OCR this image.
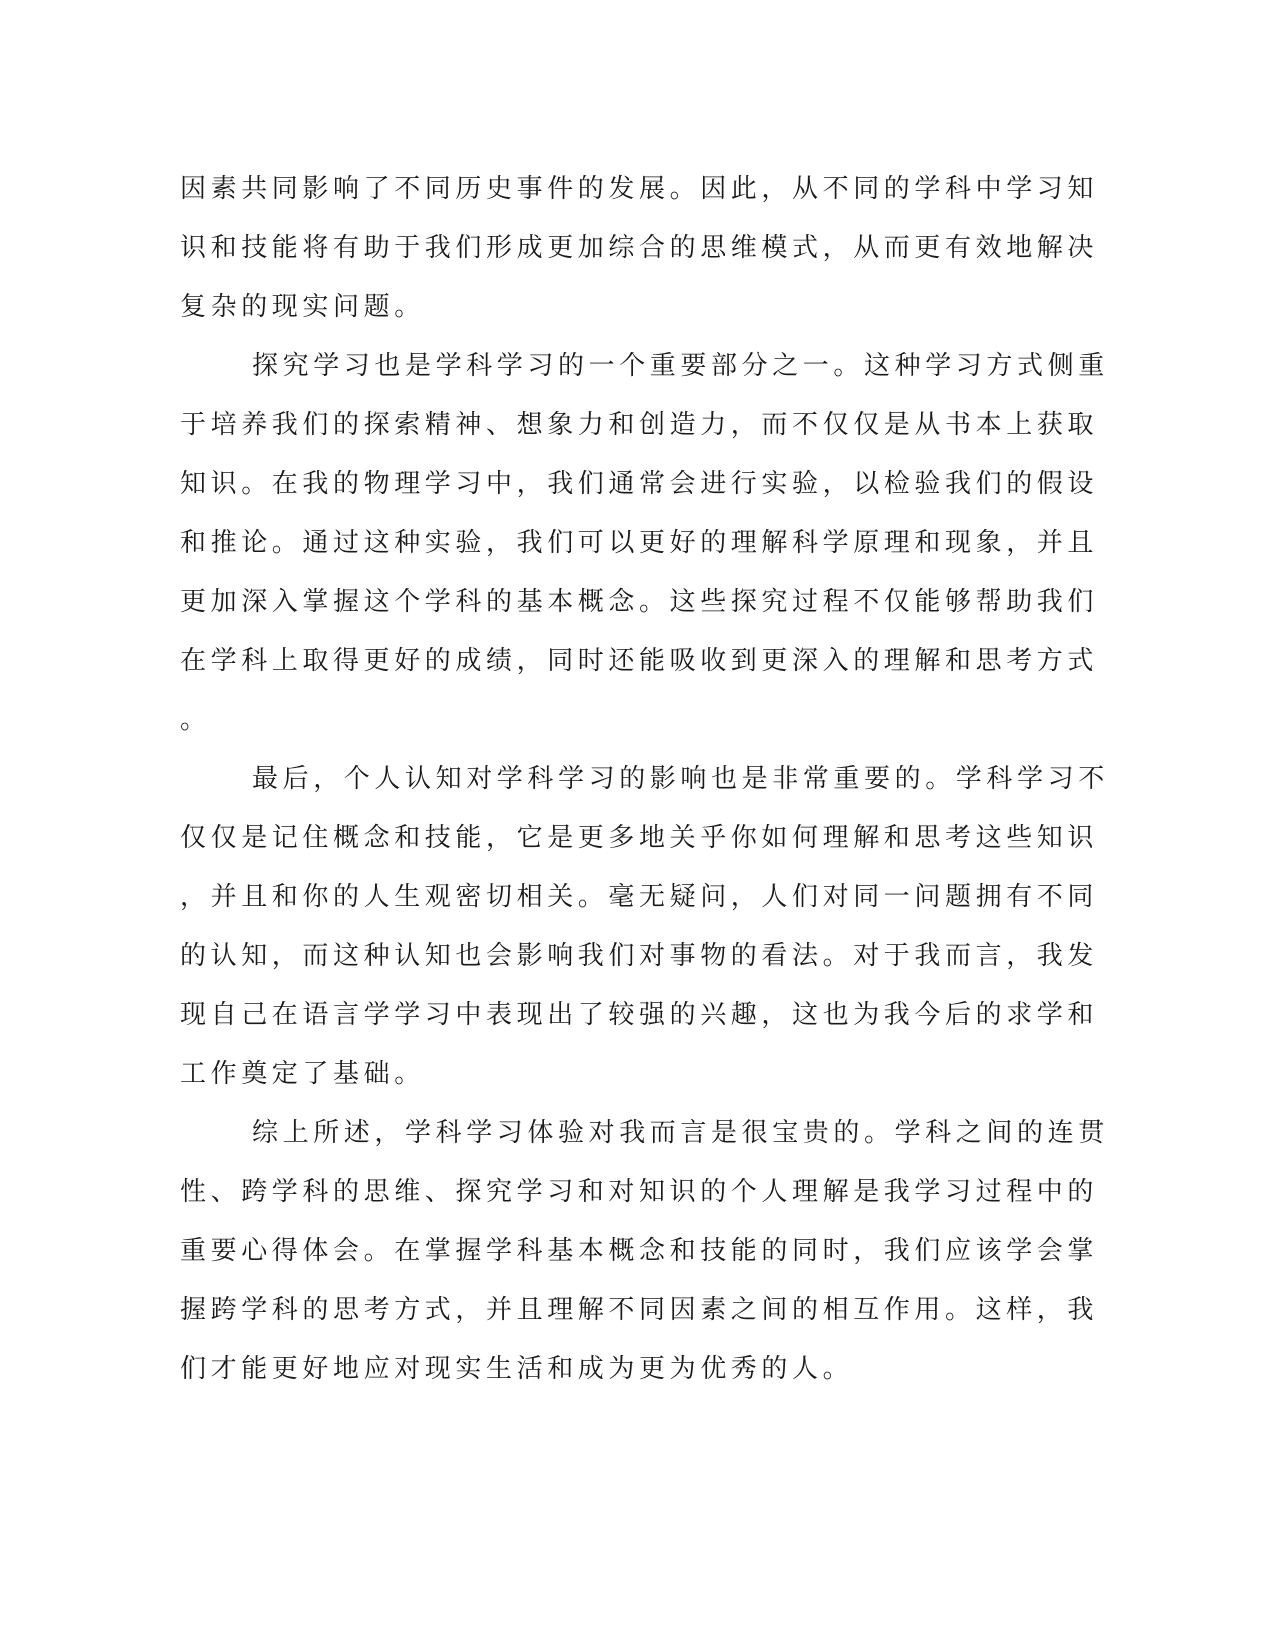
因素共同影响了不同历史事件的发展。因此，从不同的学科中学习知
识和技能将有助于我们形成更加综合的思维模式，从而更有效地解决
复杂的现实问题。
探究学习也是学科学习的一个重要部分之一。这种学习方式侧重
于培养我们的探索精神、想象力和创造力，而不仅仅是从书本上获取
知识。在我的物理学习中，我们通常会进行实验，以检验我们的假设
和推论。通过这种实验，我们可以更好的理解科学原理和现象，并且
更加深入掌握这个学科的基本概念。这些探究过程不仅能够帮助我们
在学科上取得更好的成绩，同时还能吸收到更深入的理解和思考方式
。
最后，个人认知对学科学习的影响也是非常重要的。学科学习不
仅仅是记住概念和技能，它是更多地关乎你如何理解和思考这些知识
，并且和你的人生观密切相关。毫无疑问，人们对同一问题拥有不同
的认知，而这种认知也会影响我们对事物的看法。对于我而言，我发
现自己在语言学学习中表现出了较强的兴趣，这也为我今后的求学和
工作奠定了基础。
综上所述，学科学习体验对我而言是很宝贵的。学科之间的连贯
性、跨学科的思维、探究学习和对知识的个人理解是我学习过程中的
重要心得体会。在掌握学科基本概念和技能的同时，我们应该学会掌
握跨学科的思考方式，并且理解不同因素之间的相互作用。这样，我
们才能更好地应对现实生活和成为更为优秀的人。
